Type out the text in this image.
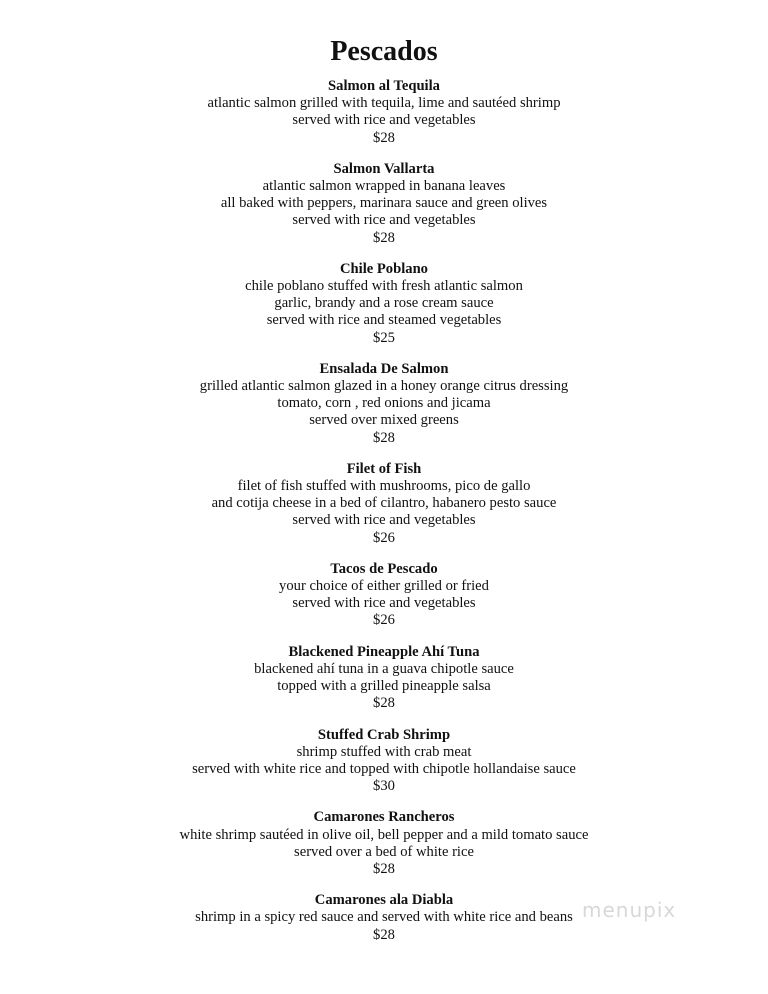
Pescados
Salmon al Tequila
atlantic salmon grilled with tequila, lime and sautéed shrimp
served with rice and vegetables
$28
Salmon Vallarta
atlantic salmon wrapped in banana leaves
all baked with peppers, marinara sauce and green olives
served with rice and vegetables
$28
Chile Poblano
chile poblano stuffed with fresh atlantic salmon
garlic, brandy and a rose cream sauce
served with rice and steamed vegetables
$25
Ensalada De Salmon
grilled atlantic salmon glazed in a honey orange citrus dressing
tomato, corn , red onions and jicama
served over mixed greens
$28
Filet of Fish
filet of fish stuffed with mushrooms, pico de gallo
and cotija cheese in a bed of cilantro, habanero pesto sauce
served with rice and vegetables
$26
Tacos de Pescado
your choice of either grilled or fried
served with rice and vegetables
$26
Blackened Pineapple Ahí Tuna
blackened ahí tuna in a guava chipotle sauce
topped with a grilled pineapple salsa
$28
Stuffed Crab Shrimp
shrimp stuffed with crab meat
served with white rice and topped with chipotle hollandaise sauce
$30
Camarones Rancheros
white shrimp sautéed in olive oil, bell pepper and a mild tomato sauce
served over a bed of white rice
$28
Camarones ala Diabla
shrimp in a spicy red sauce and served with white rice and beans
$28
menupix
